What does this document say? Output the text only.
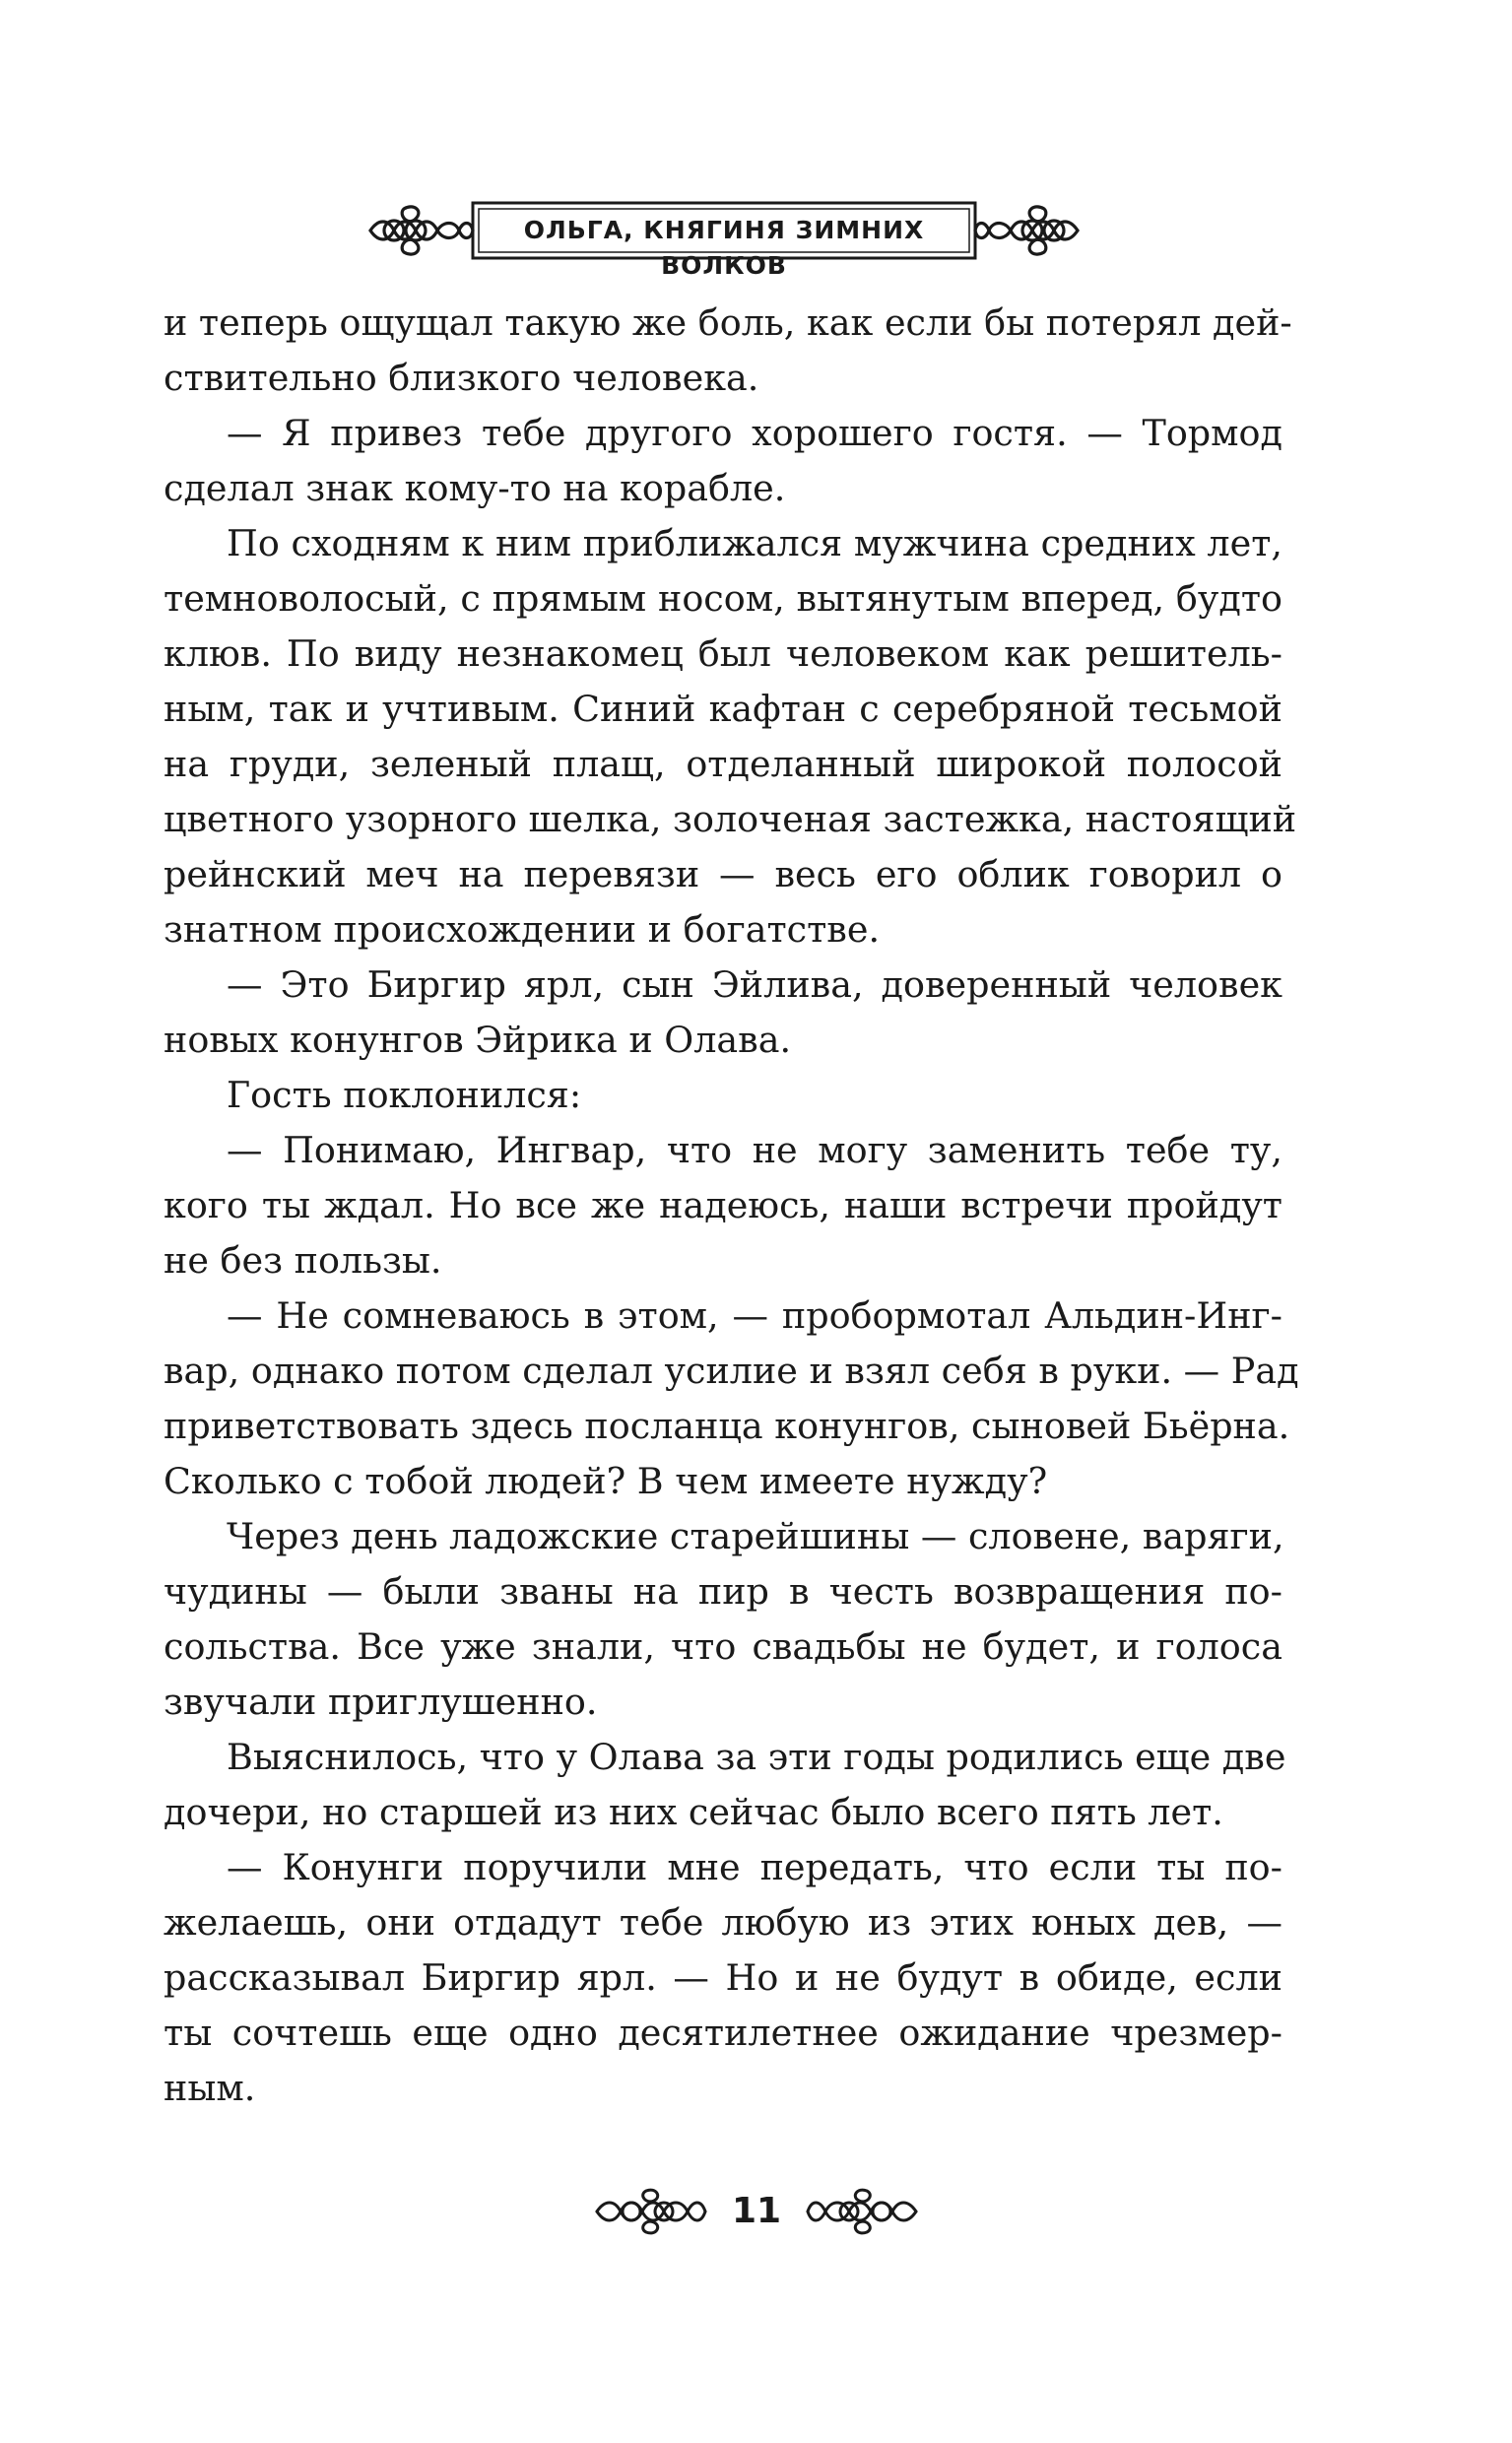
ОЛЬГА, КНЯГИНЯ ЗИМНИХ ВОЛКОВ
и теперь ощущал такую же боль, как если бы потерял дей-
ствительно близкого человека.
— Я привез тебе другого хорошего гостя. — Тормод
сделал знак кому-то на корабле.
По сходням к ним приближался мужчина средних лет,
темноволосый, с прямым носом, вытянутым вперед, будто
клюв. По виду незнакомец был человеком как решитель-
ным, так и учтивым. Синий кафтан с серебряной тесьмой
на груди, зеленый плащ, отделанный широкой полосой
цветного узорного шелка, золоченая застежка, настоящий
рейнский меч на перевязи — весь его облик говорил о
знатном происхождении и богатстве.
— Это Биргир ярл, сын Эйлива, доверенный человек
новых конунгов Эйрика и Олава.
Гость поклонился:
— Понимаю, Ингвар, что не могу заменить тебе ту,
кого ты ждал. Но все же надеюсь, наши встречи пройдут
не без пользы.
— Не сомневаюсь в этом, — пробормотал Альдин-Инг-
вар, однако потом сделал усилие и взял себя в руки. — Рад
приветствовать здесь посланца конунгов, сыновей Бьёрна.
Сколько с тобой людей? В чем имеете нужду?
Через день ладожские старейшины — словене, варяги,
чудины — были званы на пир в честь возвращения по-
сольства. Все уже знали, что свадьбы не будет, и голоса
звучали приглушенно.
Выяснилось, что у Олава за эти годы родились еще две
дочери, но старшей из них сейчас было всего пять лет.
— Конунги поручили мне передать, что если ты по-
желаешь, они отдадут тебе любую из этих юных дев, —
рассказывал Биргир ярл. — Но и не будут в обиде, если
ты сочтешь еще одно десятилетнее ожидание чрезмер-
ным.
11
